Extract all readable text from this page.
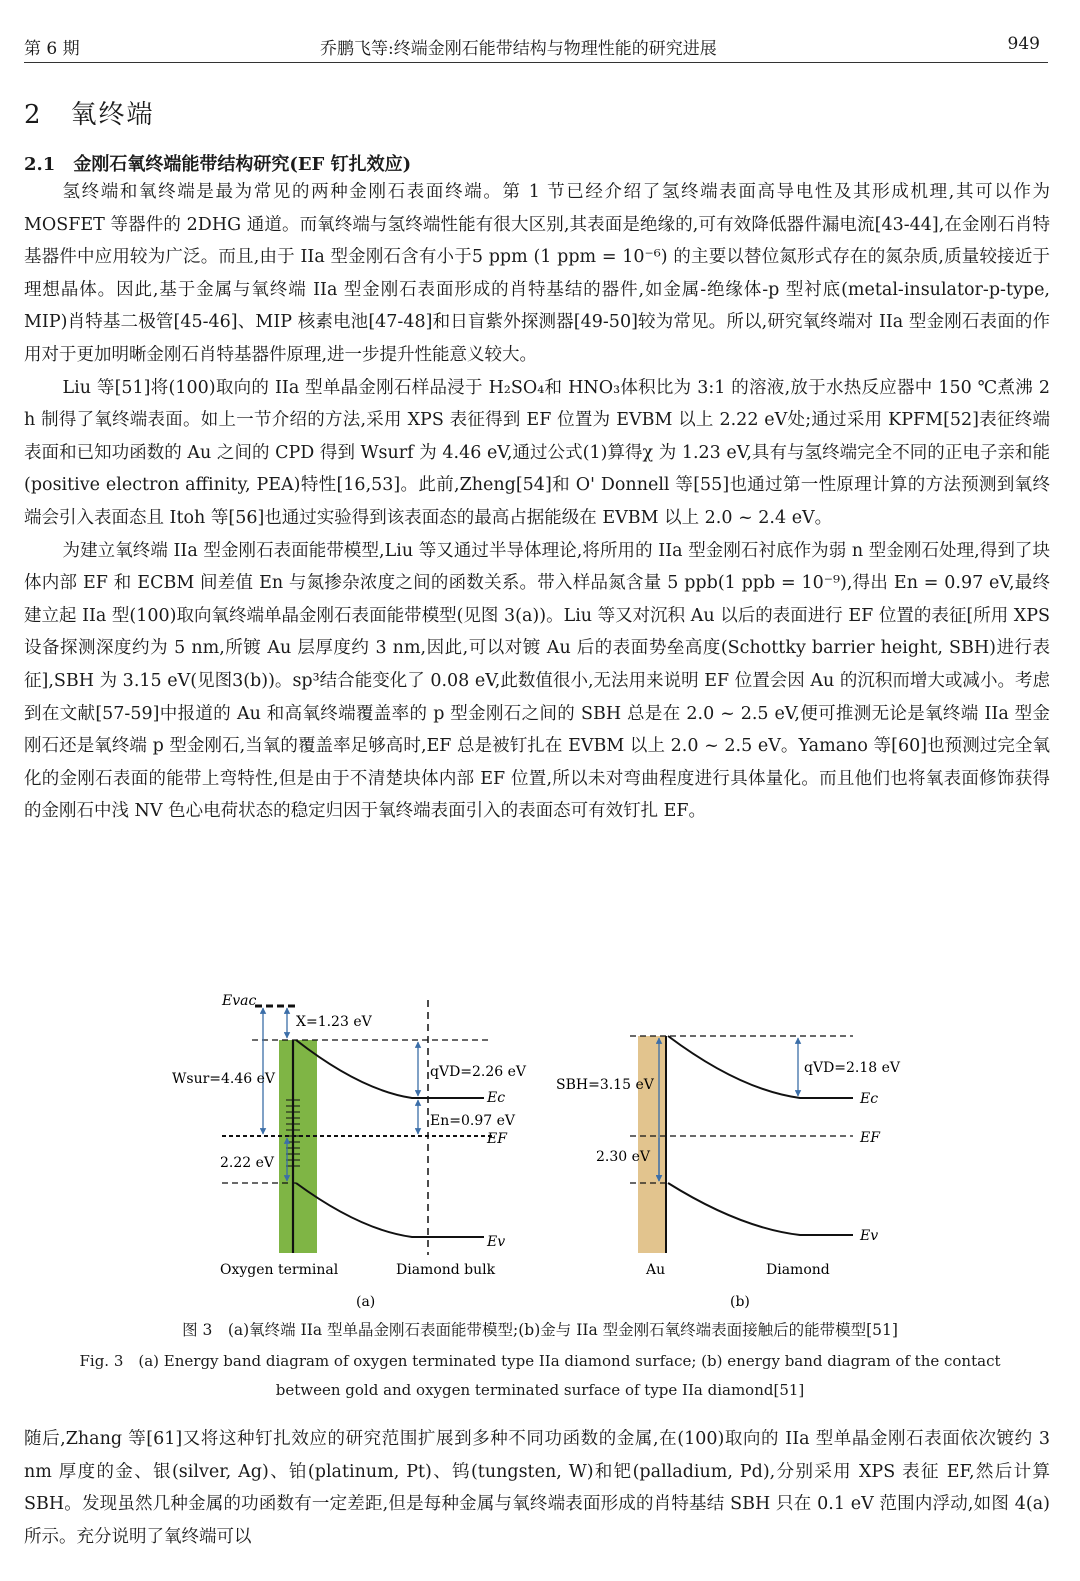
第 6 期	乔鹏飞等:终端金刚石能带结构与物理性能的研究进展	949
2　氧终端
2.1　金刚石氧终端能带结构研究(EF 钉扎效应)

氢终端和氧终端是最为常见的两种金刚石表面终端。第 1 节已经介绍了氢终端表面高导电性及其形成机理,其可以作为 MOSFET 等器件的 2DHG 通道。而氧终端与氢终端性能有很大区别,其表面是绝缘的,可有效降低器件漏电流[43-44],在金刚石肖特基器件中应用较为广泛。而且,由于 IIa 型金刚石含有小于5 ppm (1 ppm = 10⁻⁶) 的主要以替位氮形式存在的氮杂质,质量较接近于理想晶体。因此,基于金属与氧终端 IIa 型金刚石表面形成的肖特基结的器件,如金属-绝缘体-p 型衬底(metal-insulator-p-type, MIP)肖特基二极管[45-46]、MIP 核素电池[47-48]和日盲紫外探测器[49-50]较为常见。所以,研究氧终端对 IIa 型金刚石表面的作用对于更加明晰金刚石肖特基器件原理,进一步提升性能意义较大。

Liu 等[51]将(100)取向的 IIa 型单晶金刚石样品浸于 H₂SO₄和 HNO₃体积比为 3:1 的溶液,放于水热反应器中 150 ℃煮沸 2 h 制得了氧终端表面。如上一节介绍的方法,采用 XPS 表征得到 EF 位置为 EVBM 以上 2.22 eV处;通过采用 KPFM[52]表征终端表面和已知功函数的 Au 之间的 CPD 得到 Wsurf 为 4.46 eV,通过公式(1)算得χ 为 1.23 eV,具有与氢终端完全不同的正电子亲和能(positive electron affinity, PEA)特性[16,53]。此前,Zheng[54]和 O' Donnell 等[55]也通过第一性原理计算的方法预测到氧终端会引入表面态且 Itoh 等[56]也通过实验得到该表面态的最高占据能级在 EVBM 以上 2.0 ~ 2.4 eV。

为建立氧终端 IIa 型金刚石表面能带模型,Liu 等又通过半导体理论,将所用的 IIa 型金刚石衬底作为弱 n 型金刚石处理,得到了块体内部 EF 和 ECBM 间差值 En 与氮掺杂浓度之间的函数关系。带入样品氮含量 5 ppb(1 ppb = 10⁻⁹),得出 En = 0.97 eV,最终建立起 IIa 型(100)取向氧终端单晶金刚石表面能带模型(见图 3(a))。Liu 等又对沉积 Au 以后的表面进行 EF 位置的表征[所用 XPS 设备探测深度约为 5 nm,所镀 Au 层厚度约 3 nm,因此,可以对镀 Au 后的表面势垒高度(Schottky barrier height, SBH)进行表征],SBH 为 3.15 eV(见图3(b))。sp³结合能变化了 0.08 eV,此数值很小,无法用来说明 EF 位置会因 Au 的沉积而增大或减小。考虑到在文献[57-59]中报道的 Au 和高氧终端覆盖率的 p 型金刚石之间的 SBH 总是在 2.0 ~ 2.5 eV,便可推测无论是氧终端 IIa 型金刚石还是氧终端 p 型金刚石,当氧的覆盖率足够高时,EF 总是被钉扎在 EVBM 以上 2.0 ~ 2.5 eV。Yamano 等[60]也预测过完全氧化的金刚石表面的能带上弯特性,但是由于不清楚块体内部 EF 位置,所以未对弯曲程度进行具体量化。而且他们也将氧表面修饰获得的金刚石中浅 NV 色心电荷状态的稳定归因于氧终端表面引入的表面态可有效钉扎 EF。

Evac
X=1.23 eV
Wsur=4.46 eV	qVD=2.26 eV
Ec
En=0.97 eV
EF
2.22 eV
Ev
Oxygen terminal	Diamond bulk
(a)
SBH=3.15 eV
qVD=2.18 eV
Ec
EF
2.30 eV
Ev
Au	Diamond
(b)
图 3　(a)氧终端 IIa 型单晶金刚石表面能带模型;(b)金与 IIa 型金刚石氧终端表面接触后的能带模型[51]
Fig. 3　(a) Energy band diagram of oxygen terminated type IIa diamond surface; (b) energy band diagram of the contact
between gold and oxygen terminated surface of type IIa diamond[51]

随后,Zhang 等[61]又将这种钉扎效应的研究范围扩展到多种不同功函数的金属,在(100)取向的 IIa 型单晶金刚石表面依次镀约 3 nm 厚度的金、银(silver, Ag)、铂(platinum, Pt)、钨(tungsten, W)和钯(palladium, Pd),分别采用 XPS 表征 EF,然后计算 SBH。发现虽然几种金属的功函数有一定差距,但是每种金属与氧终端表面形成的肖特基结 SBH 只在 0.1 eV 范围内浮动,如图 4(a)所示。充分说明了氧终端可以
